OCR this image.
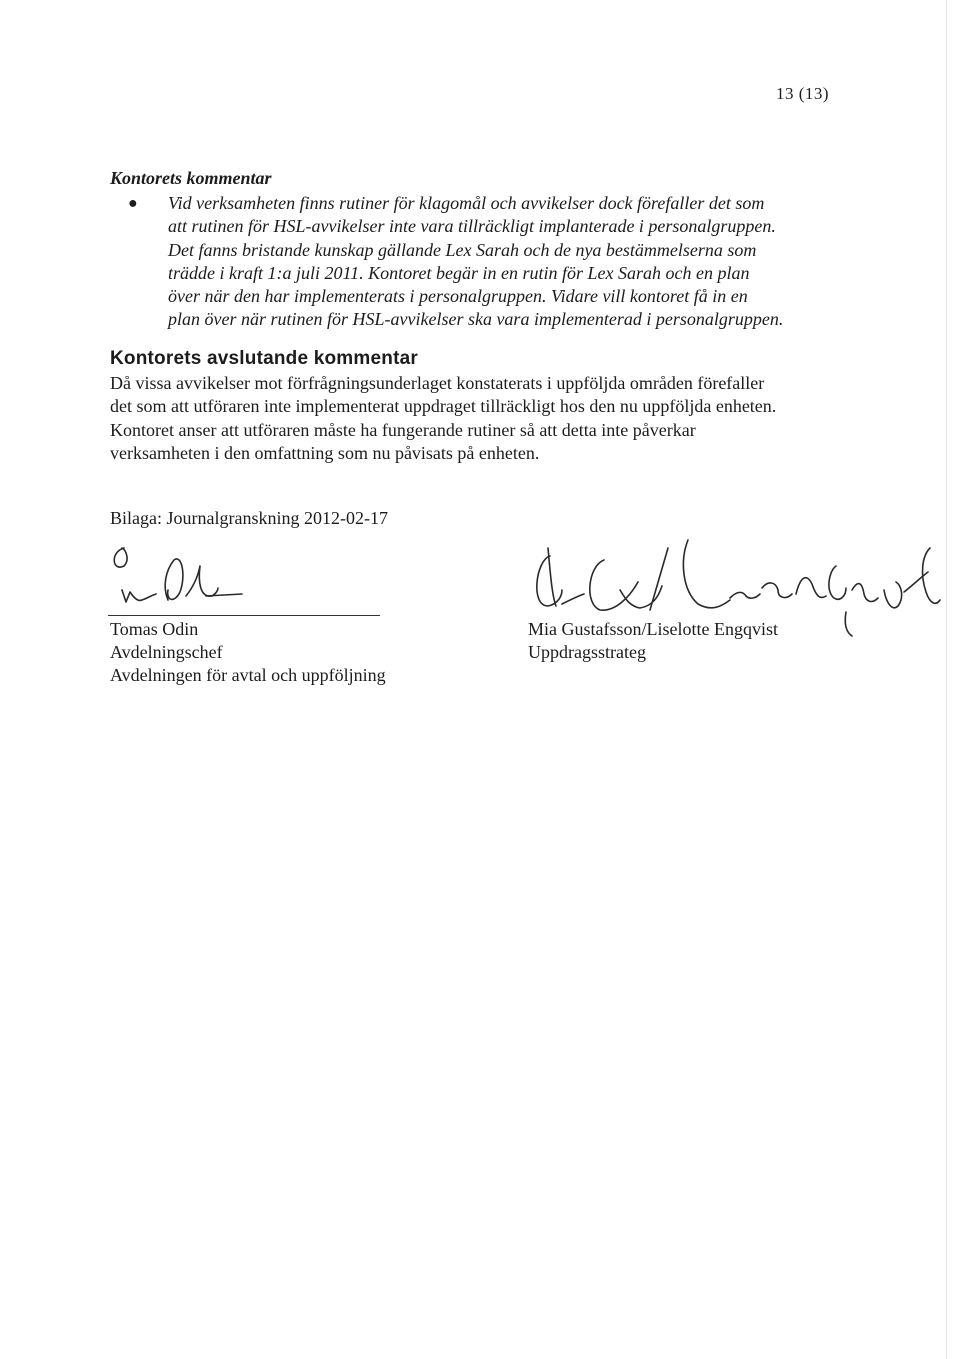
13 (13)
Kontorets kommentar
● Vid verksamheten finns rutiner för klagomål och avvikelser dock förefaller det som
att rutinen för HSL-avvikelser inte vara tillräckligt implanterade i personalgruppen.
Det fanns bristande kunskap gällande Lex Sarah och de nya bestämmelserna som
trädde i kraft 1:a juli 2011. Kontoret begär in en rutin för Lex Sarah och en plan
över när den har implementerats i personalgruppen. Vidare vill kontoret få in en
plan över när rutinen för HSL-avvikelser ska vara implementerad i personalgruppen.
Kontorets avslutande kommentar
Då vissa avvikelser mot förfrågningsunderlaget konstaterats i uppföljda områden förefaller
det som att utföraren inte implementerat uppdraget tillräckligt hos den nu uppföljda enheten.
Kontoret anser att utföraren måste ha fungerande rutiner så att detta inte påverkar
verksamheten i den omfattning som nu påvisats på enheten.
Bilaga: Journalgranskning 2012-02-17
Tomas Odin
Avdelningschef
Avdelningen för avtal och uppföljning
Mia Gustafsson/Liselotte Engqvist
Uppdragsstrateg
